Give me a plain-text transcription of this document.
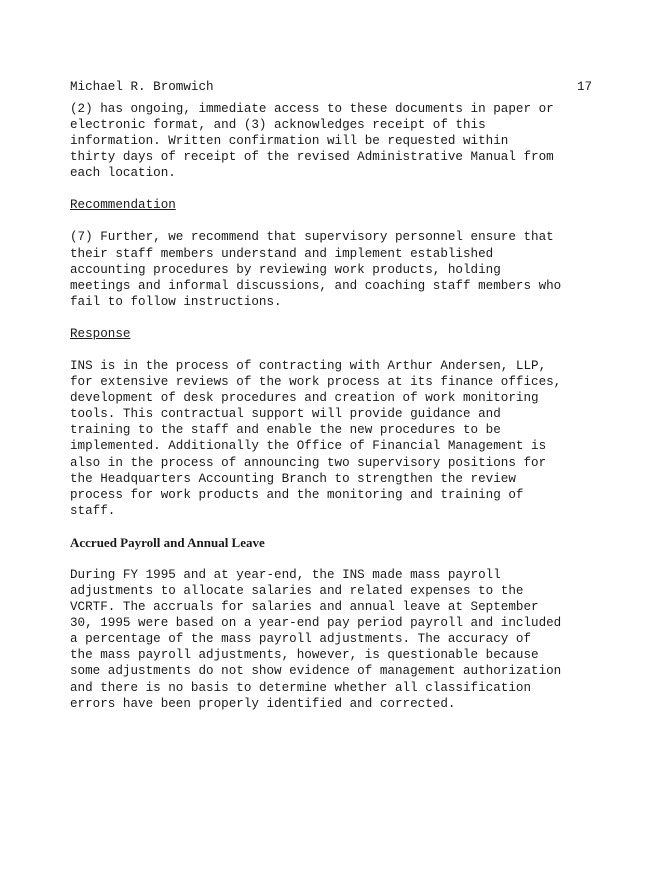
Michael R. Bromwich	17

(2) has ongoing, immediate access to these documents in paper or
electronic format, and (3) acknowledges receipt of this
information. Written confirmation will be requested within
thirty days of receipt of the revised Administrative Manual from
each location.

Recommendation

(7) Further, we recommend that supervisory personnel ensure that
their staff members understand and implement established
accounting procedures by reviewing work products, holding
meetings and informal discussions, and coaching staff members who
fail to follow instructions.

Response

INS is in the process of contracting with Arthur Andersen, LLP,
for extensive reviews of the work process at its finance offices,
development of desk procedures and creation of work monitoring
tools. This contractual support will provide guidance and
training to the staff and enable the new procedures to be
implemented. Additionally the Office of Financial Management is
also in the process of announcing two supervisory positions for
the Headquarters Accounting Branch to strengthen the review
process for work products and the monitoring and training of
staff.

Accrued Payroll and Annual Leave

During FY 1995 and at year-end, the INS made mass payroll
adjustments to allocate salaries and related expenses to the
VCRTF. The accruals for salaries and annual leave at September
30, 1995 were based on a year-end pay period payroll and included
a percentage of the mass payroll adjustments. The accuracy of
the mass payroll adjustments, however, is questionable because
some adjustments do not show evidence of management authorization
and there is no basis to determine whether all classification
errors have been properly identified and corrected.
